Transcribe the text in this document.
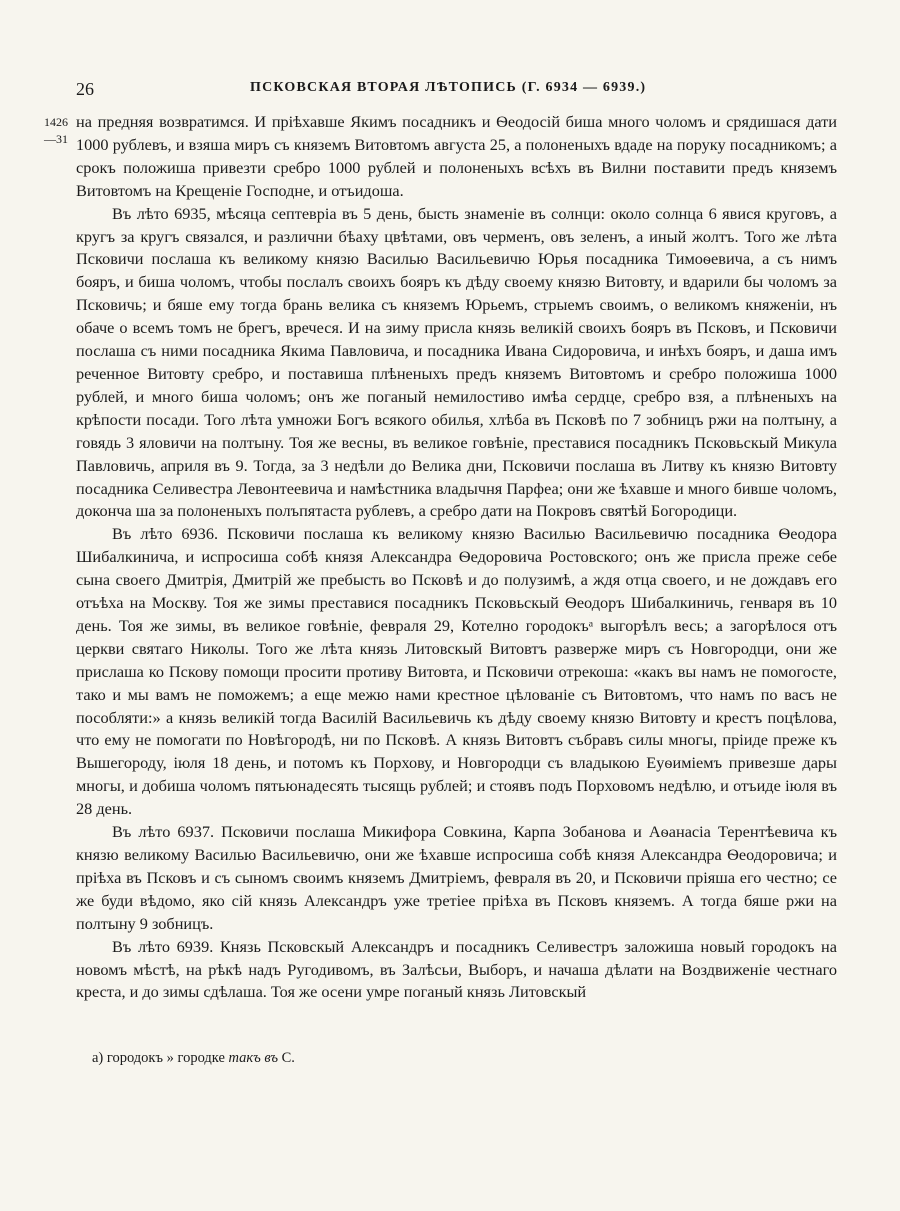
26	ПСКОВСКАЯ ВТОРАЯ ЛѢТОПИСЬ (Г. 6934 — 6939.)
1426
—31

на предняя возвратимся. И пріѣхавше Якимъ посадникъ и Ѳеодосій биша много чоломъ и срядишася дати 1000 рублевъ, и взяша миръ съ княземъ Витовтомъ августа 25, а полоненыхъ вдаде на поруку посадникомъ; а срокъ положиша привезти сребро 1000 рублей и полоненыхъ всѣхъ въ Вилни поставити предъ княземъ Витовтомъ на Крещеніе Господне, и отъидоша.

Въ лѣто 6935, мѣсяца септевріа въ 5 день, бысть знаменіе въ солнци: около солнца 6 явися круговъ, а кругъ за кругъ связался, и различни бѣаху цвѣтами, овъ черменъ, овъ зеленъ, а иный жолтъ. Того же лѣта Псковичи послаша къ великому князю Василью Васильевичю Юрья посадника Тимоѳевича, а съ нимъ бояръ, и биша чоломъ, чтобы послалъ своихъ бояръ къ дѣду своему князю Витовту, и вдарили бы чоломъ за Псковичь; и бяше ему тогда брань велика съ княземъ Юрьемъ, стрыемъ своимъ, о великомъ княженіи, нъ обаче о всемъ томъ не брегъ, вречеся. И на зиму присла князь великій своихъ бояръ въ Псковъ, и Псковичи послаша съ ними посадника Якима Павловича, и посадника Ивана Сидоровича, и инѣхъ бояръ, и даша имъ реченное Витовту сребро, и поставиша плѣненыхъ предъ княземъ Витовтомъ и сребро положиша 1000 рублей, и много биша чоломъ; онъ же поганый немилостиво имѣа сердце, сребро взя, а плѣненыхъ на крѣпости посади. Того лѣта умножи Богъ всякого обилья, хлѣба въ Псковѣ по 7 зобницъ ржи на полтыну, а говядь 3 яловичи на полтыну. Тоя же весны, въ великое говѣніе, преставися посадникъ Псковьскый Микула Павловичь, априля въ 9. Тогда, за 3 недѣли до Велика дни, Псковичи послаша въ Литву къ князю Витовту посадника Селивестра Левонтеевича и намѣстника владычня Парфеа; они же ѣхавше и много бивше чоломъ, доконча ша за полоненыхъ полъпятаста рублевъ, а сребро дати на Покровъ святѣй Богородици.

Въ лѣто 6936. Псковичи послаша къ великому князю Василью Васильевичю посадника Ѳеодора Шибалкинича, и испросиша собѣ князя Александра Ѳедоровича Ростовского; онъ же присла преже себе сына своего Дмитрія, Дмитрій же пребысть во Псковѣ и до полузимѣ, а ждя отца своего, и не дождавъ его отъѣха на Москву. Тоя же зимы преставися посадникъ Псковьскый Ѳеодоръ Шибалкиничь, генваря въ 10 день. Тоя же зимы, въ великое говѣніе, февраля 29, Котелно городокъᵃ выгорѣлъ весь; а загорѣлося отъ церкви святаго Николы. Того же лѣта князь Литовскый Витовтъ разверже миръ съ Новгородци, они же прислаша ко Пскову помощи просити противу Витовта, и Псковичи отрекоша: «какъ вы намъ не помогосте, тако и мы вамъ не поможемъ; а еще межю нами крестное цѣлованіе съ Витовтомъ, что намъ по васъ не пособляти:» а князь великій тогда Василій Васильевичь къ дѣду своему князю Витовту и крестъ поцѣлова, что ему не помогати по Новѣгородѣ, ни по Псковѣ. А князь Витовтъ събравъ силы многы, прiиде преже къ Вышегороду, іюля 18 день, и потомъ къ Порхову, и Новгородци съ владыкою Еуѳиміемъ привезше дары многы, и добиша чоломъ пятьюнадесять тысящь рублей; и стоявъ подъ Порховомъ недѣлю, и отъиде іюля въ 28 день.

Въ лѣто 6937. Псковичи послаша Микифора Совкина, Карпа Зобанова и Аѳанасіа Терентѣевича къ князю великому Василью Васильевичю, они же ѣхавше испросиша собѣ князя Александра Ѳеодоровича; и пріѣха въ Псковъ и съ сыномъ своимъ княземъ Дмитріемъ, февраля въ 20, и Псковичи пріяша его честно; се же буди вѣдомо, яко сій князь Александръ уже третіее пріѣха въ Псковъ княземъ. А тогда бяше ржи на полтыну 9 зобницъ.

Въ лѣто 6939. Князь Псковскый Александръ и посадникъ Селивестръ заложиша новый городокъ на новомъ мѣстѣ, на рѣкѣ надъ Ругодивомъ, въ Залѣсьи, Выборъ, и начаша дѣлати на Воздвиженіе честнаго креста, и до зимы сдѣлаша. Тоя же осени умре поганый князь Литовскый

а) городокъ » городке такъ въ С.
